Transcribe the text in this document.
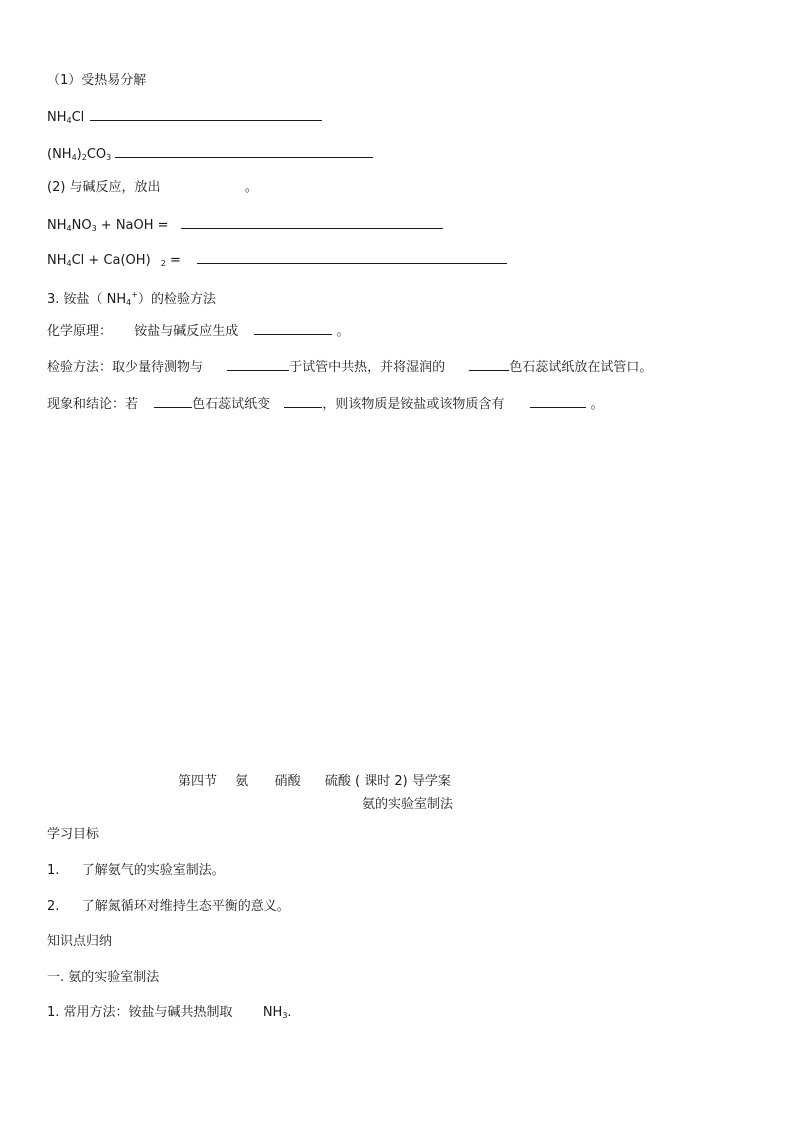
（1）受热易分解
$NH_4Cl$
$(NH_4)_2CO_3$
(2) 与碱反应，放出	。
$NH_4NO_3$ + NaOH =
$NH_4Cl + Ca(OH) _2$ =
3. 铵盐（ $NH_4^+$）的检验方法
化学原理： 铵盐与碱反应生成	。
检验方法：取少量待测物与	于试管中共热，并将湿润的	色石蕊试纸放在试管口。
现象和结论：若	色石蕊试纸变	，则该物质是铵盐或该物质含有	。
第四节 氨 硝酸 硫酸 ( 课时 2) 导学案
氨的实验室制法
学习目标
1. 了解氨气的实验室制法。
2. 了解氮循环对维持生态平衡的意义。
知识点归纳
一. 氨的实验室制法
1. 常用方法：铵盐与碱共热制取 $NH_3$.
